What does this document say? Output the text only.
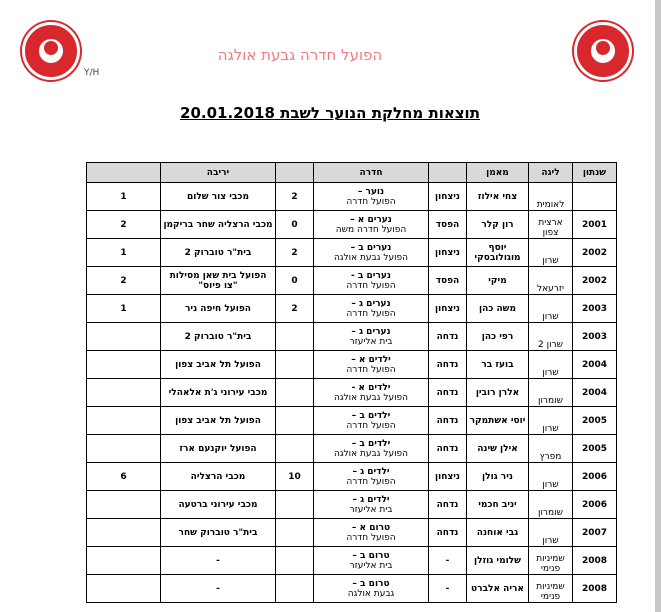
הפועל חדרה גבעת אולגה
Y/H
תוצאות מחלקת הנוער לשבת 20.01.2018
שנתון	ליגה	מאמן		חדרה		יריבה	
	לאומית	צחי אילוז	ניצחון	נוער –
הפועל חדרה	2	מכבי צור שלום	1
2001	ארצית צפון	רון קלר	הפסד	נערים א –
הפועל חדרה משה	0	מכבי הרצליה שחר בריקמן	2
2002	שרון	יוסף מוגולובסקי	ניצחון	נערים ב –
הפועל גבעת אולגה	2	בית"ר טוברוק 2	1
2002	יזרעאל	מיקי	הפסד	נערים ב -
הפועל חדרה	0	הפועל בית שאן מסילות "צו פיוס"	2
2003	שרון	משה כהן	ניצחון	נערים ג –
הפועל חדרה	2	הפועל חיפה ניר	1
2003	שרון 2	רפי כהן	נדחה	נערים ג –
בית אליעזר		בית"ר טוברוק 2	
2004	שרון	בועז בר	נדחה	ילדים א –
הפועל חדרה		הפועל תל אביב צפון	
2004	שומרון	אלרן רובין	נדחה	ילדים א -
הפועל גבעת אולגה		מכבי עירוני ג'ת אלאהלי	
2005	שרון	יוסי אשתמקר	נדחה	ילדים ב –
הפועל חדרה		הפועל תל אביב צפון	
2005	מפרץ	אילן שינה	נדחה	ילדים ב –
הפועל גבעת אולגה		הפועל יוקנעם ארז	
2006	שרון	ניר גולן	ניצחון	ילדים ג –
הפועל חדרה	10	מכבי הרצליה	6
2006	שומרון	יניב חכמי	נדחה	ילדים ג –
בית אליעזר		מכבי עירוני ברטעה	
2007	שרון	גבי אוחנה	נדחה	טרום א –
הפועל חדרה		בית"ר טוברוק שחר	
2008	שמיניות פנימי	שלומי גוזלן	-	טרום ב –
בית אליעזר		-	
2008	שמיניות פנימי	אריה אלברט	-	טרום ב –
גבעת אולגה		-	
